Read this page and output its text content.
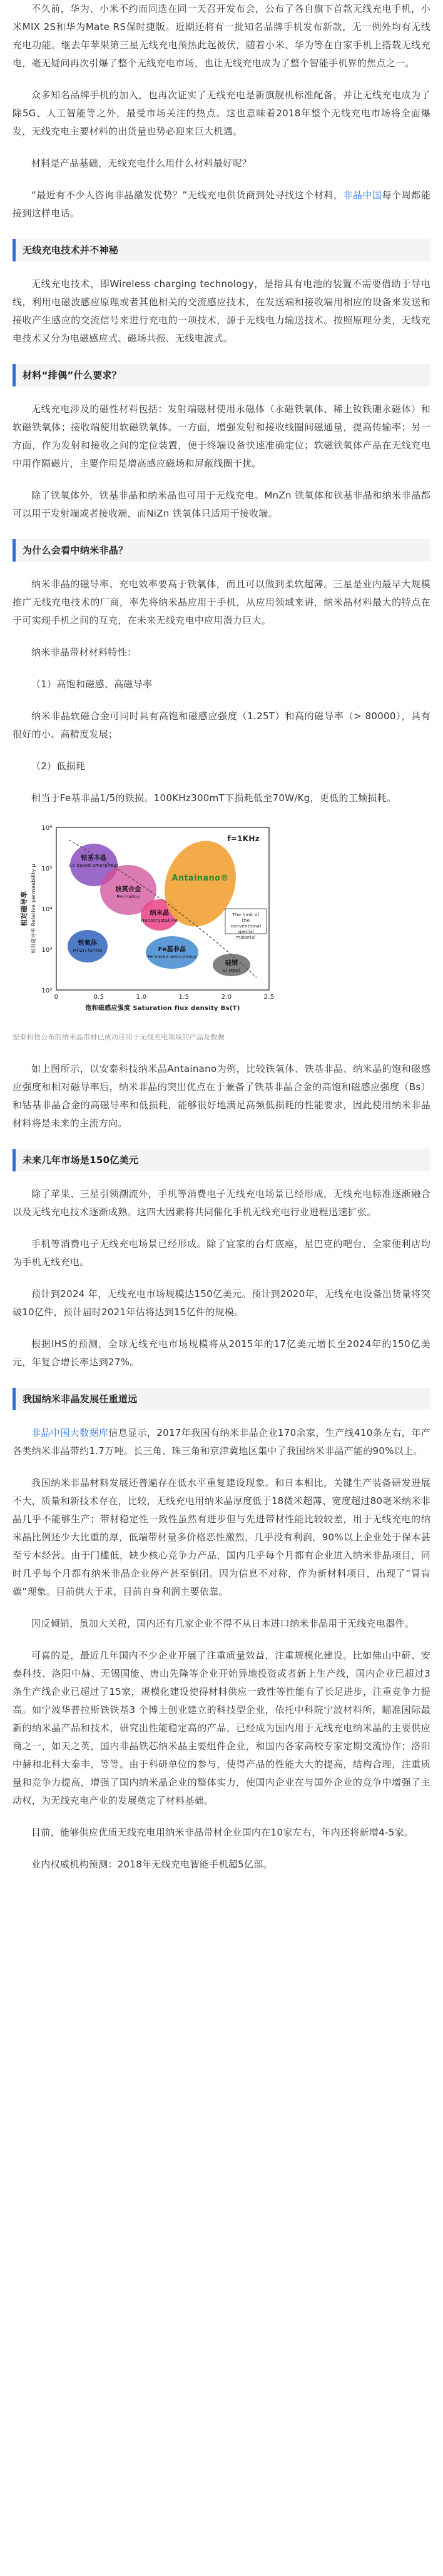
不久前，华为、小米不约而同选在同一天召开发布会，公布了各自旗下首款无线充电手机，小米MIX 2S和华为Mate RS保时捷版。近期还将有一批知名品牌手机发布新款，无一例外均有无线充电功能。继去年苹果第三星无线充电预热此起彼伏，随着小米、华为等在自家手机上搭载无线充电，毫无疑问再次引爆了整个无线充电市场，也让无线充电成为了整个智能手机界的焦点之一。

众多知名品牌手机的加入，也再次证实了无线充电是新旗舰机标准配备，并让无线充电成为了除5G、人工智能等之外，最受市场关注的热点。这也意味着2018年整个无线充电市场将全面爆发，无线充电主要材料的出货量也势必迎来巨大机遇。

材料是产品基础，无线充电什么用什么材料最好呢？

“最近有不少人咨询非晶激发优势？”无线充电供货商到处寻找这个材料，非晶中国每个周都能接到这样电话。

无线充电技术并不神秘

无线充电技术，即Wireless charging technology，是指具有电池的装置不需要借助于导电线，利用电磁波感应原理或者其他相关的交流感应技术，在发送端和接收端用相应的设备来发送和接收产生感应的交流信号来进行充电的一项技术，源于无线电力输送技术。按照原理分类，无线充电技术又分为电磁感应式、磁场共振、无线电波式。

材料“排偶”什么要求？

无线充电涉及的磁性材料包括：发射端磁材使用永磁体（永磁铁氧体、稀土钕铁硼永磁体）和软磁铁氧体；接收端使用软磁铁氧体。一方面，增强发射和接收线圈间磁通量，提高传输率；另一方面，作为发射和接收之间的定位装置，便于终端设备快速准确定位；软磁铁氧体产品在无线充电中用作隔磁片，主要作用是增高感应磁场和屏蔽线圈干扰。

除了铁氧体外，铁基非晶和纳米晶也可用于无线充电。MnZn 铁氧体和铁基非晶和纳米非晶都可以用于发射端或者接收端，而NiZn 铁氧体只适用于接收端。

为什么会看中纳米非晶？

纳米非晶的磁导率、充电效率要高于铁氧体，而且可以做到柔软超薄。三星是业内最早大规模推广无线充电技术的厂商，率先将纳米晶应用于手机，从应用领域来讲，纳米晶材料最大的特点在于可实现手机之间的互充，在未来无线充电中应用潜力巨大。

纳米非晶带材材料特性：

（1）高饱和磁感、高磁导率

纳米非晶软磁合金可同时具有高饱和磁感应强度（1.25T）和高的磁导率（> 80000），具有很好的小、高精度发展；

（2）低损耗

相当于Fe基非晶1/5的铁损。100KHz300mT下损耗低至70W/Kg，更低的工频损耗。

0	0.5	1.0	1.5	2.0	2.5
10²
10³
10⁴
10⁵
10⁶
饱和磁感应强度 Saturation flux density Bs(T)
相对磁导率 相对磁导率 Relative permeability μ
f=1KHz
钴基非晶
Co based amorphous
坡莫合金
Permalloy
纳米晶
Nanocrystalline
Antainano®
铁氧体
MnZn ferrite	Fe基非晶
Fe based amorphous
硅钢
Si steel
The limit of
the
conventional
special
material

安泰科技公布的纳米晶带材已成功应用于无线充电领域的产品及数据

如上图所示，以安泰科技纳米晶Antainano为例，比较铁氧体、铁基非晶、纳米晶的饱和磁感应强度和相对磁导率后，纳米非晶的突出优点在于兼备了铁基非晶合金的高饱和磁感应强度（Bs）和钴基非晶合金的高磁导率和低损耗，能够很好地满足高频低损耗的性能要求，因此使用纳米非晶材料将是未来的主流方向。

未来几年市场是150亿美元

除了苹果、三星引领潮流外，手机等消费电子无线充电场景已经形成，无线充电标准逐渐融合以及无线充电技术逐渐成熟。这四大因素将共同催化手机无线充电行业进程迅速扩张。

手机等消费电子无线充电场景已经形成。除了宜家的台灯底座，星巴克的吧台、全家便利店均为手机无线充电。

预计到2024 年，无线充电市场规模达150亿美元。预计到2020年，无线充电设备出货量将突破10亿件，预计届时2021年估将达到15亿件的规模。

根据IHS的预测，全球无线充电市场规模将从2015年的17亿美元增长至2024年的150亿美元，年复合增长率达到27%。

我国纳米非晶发展任重道远

非晶中国大数据库信息显示，2017年我国有纳米非晶企业170余家，生产线410条左右，年产各类纳米非晶带约1.7万吨。长三角、珠三角和京津冀地区集中了我国纳米非晶产能的90%以上。

我国纳米非晶材料发展还普遍存在低水平重复建设现象。和日本相比，关键生产装备研发进展不大，质量和新技术存在，比较，无线充电用纳米晶厚度低于18微米超薄、宽度超过80毫米纳米非晶几乎不能够生产；带材稳定性一致性虽然有进步但与先进带材性能比较较差，用于无线充电的纳米晶比例还少大比重的厚，低端带材量多价格恶性激烈，几乎没有利润，90%以上企业处于保本甚至亏本经营。由于门槛低，缺少核心竞争力产品，国内几乎每个月都有企业进入纳米非晶项目，同时几乎每个月都有纳米非晶企业停产甚至倒闭。因为信息不对称，作为新材料项目，出现了“冒盲碳”现象。目前供大于求，目前自身利润主要依靠。

因反倾销，虽加大关税，国内还有几家企业不得不从日本进口纳米非晶用于无线充电器件。

可喜的是，最近几年国内不少企业开展了注重质量效益，注重规模化建设。比如佛山中研、安泰科技、洛阳中赫、无锡国能、唐山先隆等企业开始异地投资或者新上生产线，国内企业已超过3 条生产线企业已超过了15家，规模化建设使得材料供应一致性等性能有了长足进步，注重竞争力提高。如宁波华普拉斯铁铁基3 个博士创业建立的科技型企业，依托中科院宁波材料所，瞄准国际最新的纳米晶产品和技术，研究出性能稳定高的产品，已经成为国内用于无线充电纳米晶的主要供应商之一，如天之英，国内非晶铁芯纳米晶主要组件企业，和国内各家高校专家定期交流协作；洛阳中赫和北科大泰丰，等等。由于科研单位的参与，使得产品的性能大大的提高，结构合理，注重质量和竞争力提高，增强了国内纳米晶企业的整体实力，使国内企业在与国外企业的竞争中增强了主动权，为无线充电产业的发展奠定了材料基础。

目前，能够供应优质无线充电用纳米非晶带材企业国内在10家左右，年内还将新增4-5家。

业内权威机构预测：2018年无线充电智能手机超5亿部。
